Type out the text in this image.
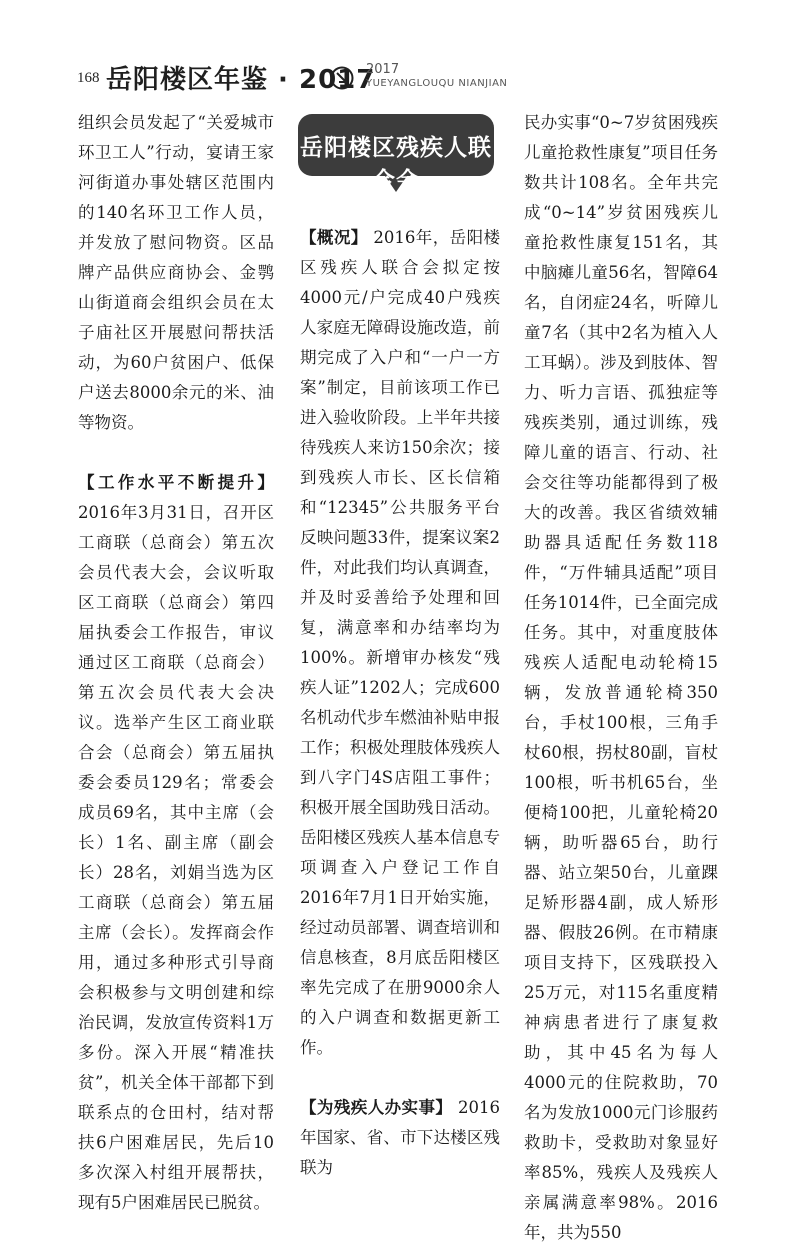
168 岳阳楼区年鉴 · 2017
2017
YUEYANGLOUQU NIANJIAN

组织会员发起了“关爱城市环卫工人”行动，宴请王家河街道办事处辖区范围内的140名环卫工作人员，并发放了慰问物资。区品牌产品供应商协会、金鹗山街道商会组织会员在太子庙社区开展慰问帮扶活动，为60户贫困户、低保户送去8000余元的米、油等物资。

【工作水平不断提升】 2016年3月31日，召开区工商联（总商会）第五次会员代表大会，会议听取区工商联（总商会）第四届执委会工作报告，审议通过区工商联（总商会）第五次会员代表大会决议。选举产生区工商业联合会（总商会）第五届执委会委员129名；常委会成员69名，其中主席（会长）1名、副主席（副会长）28名，刘娟当选为区工商联（总商会）第五届主席（会长）。发挥商会作用，通过多种形式引导商会积极参与文明创建和综治民调，发放宣传资料1万多份。深入开展“精准扶贫”，机关全体干部都下到联系点的仓田村，结对帮扶6户困难居民，先后10多次深入村组开展帮扶，现有5户困难居民已脱贫。

岳阳楼区残疾人联合会

【概况】 2016年，岳阳楼区残疾人联合会拟定按4000元/户完成40户残疾人家庭无障碍设施改造，前期完成了入户和“一户一方案”制定，目前该项工作已进入验收阶段。上半年共接待残疾人来访150余次；接到残疾人市长、区长信箱和“12345”公共服务平台反映问题33件，提案议案2件，对此我们均认真调查，并及时妥善给予处理和回复，满意率和办结率均为100%。新增审办核发“残疾人证”1202人；完成600名机动代步车燃油补贴申报工作；积极处理肢体残疾人到八字门4S店阻工事件；积极开展全国助残日活动。岳阳楼区残疾人基本信息专项调查入户登记工作自2016年7月1日开始实施，经过动员部署、调查培训和信息核查，8月底岳阳楼区率先完成了在册9000余人的入户调查和数据更新工作。

【为残疾人办实事】 2016年国家、省、市下达楼区残联为

民办实事“0~7岁贫困残疾儿童抢救性康复”项目任务数共计108名。全年共完成“0~14”岁贫困残疾儿童抢救性康复151名，其中脑瘫儿童56名，智障64名，自闭症24名，听障儿童7名（其中2名为植入人工耳蜗）。涉及到肢体、智力、听力言语、孤独症等残疾类别，通过训练，残障儿童的语言、行动、社会交往等功能都得到了极大的改善。我区省绩效辅助器具适配任务数118件，“万件辅具适配”项目任务1014件，已全面完成任务。其中，对重度肢体残疾人适配电动轮椅15辆，发放普通轮椅350台，手杖100根，三角手杖60根，拐杖80副，盲杖100根，听书机65台，坐便椅100把，儿童轮椅20辆，助听器65台，助行器、站立架50台，儿童踝足矫形器4副，成人矫形器、假肢26例。在市精康项目支持下，区残联投入25万元，对115名重度精神病患者进行了康复救助，其中45名为每人4000元的住院救助，70名为发放1000元门诊服药救助卡，受救助对象显好率85%，残疾人及残疾人亲属满意率98%。2016年，共为550
